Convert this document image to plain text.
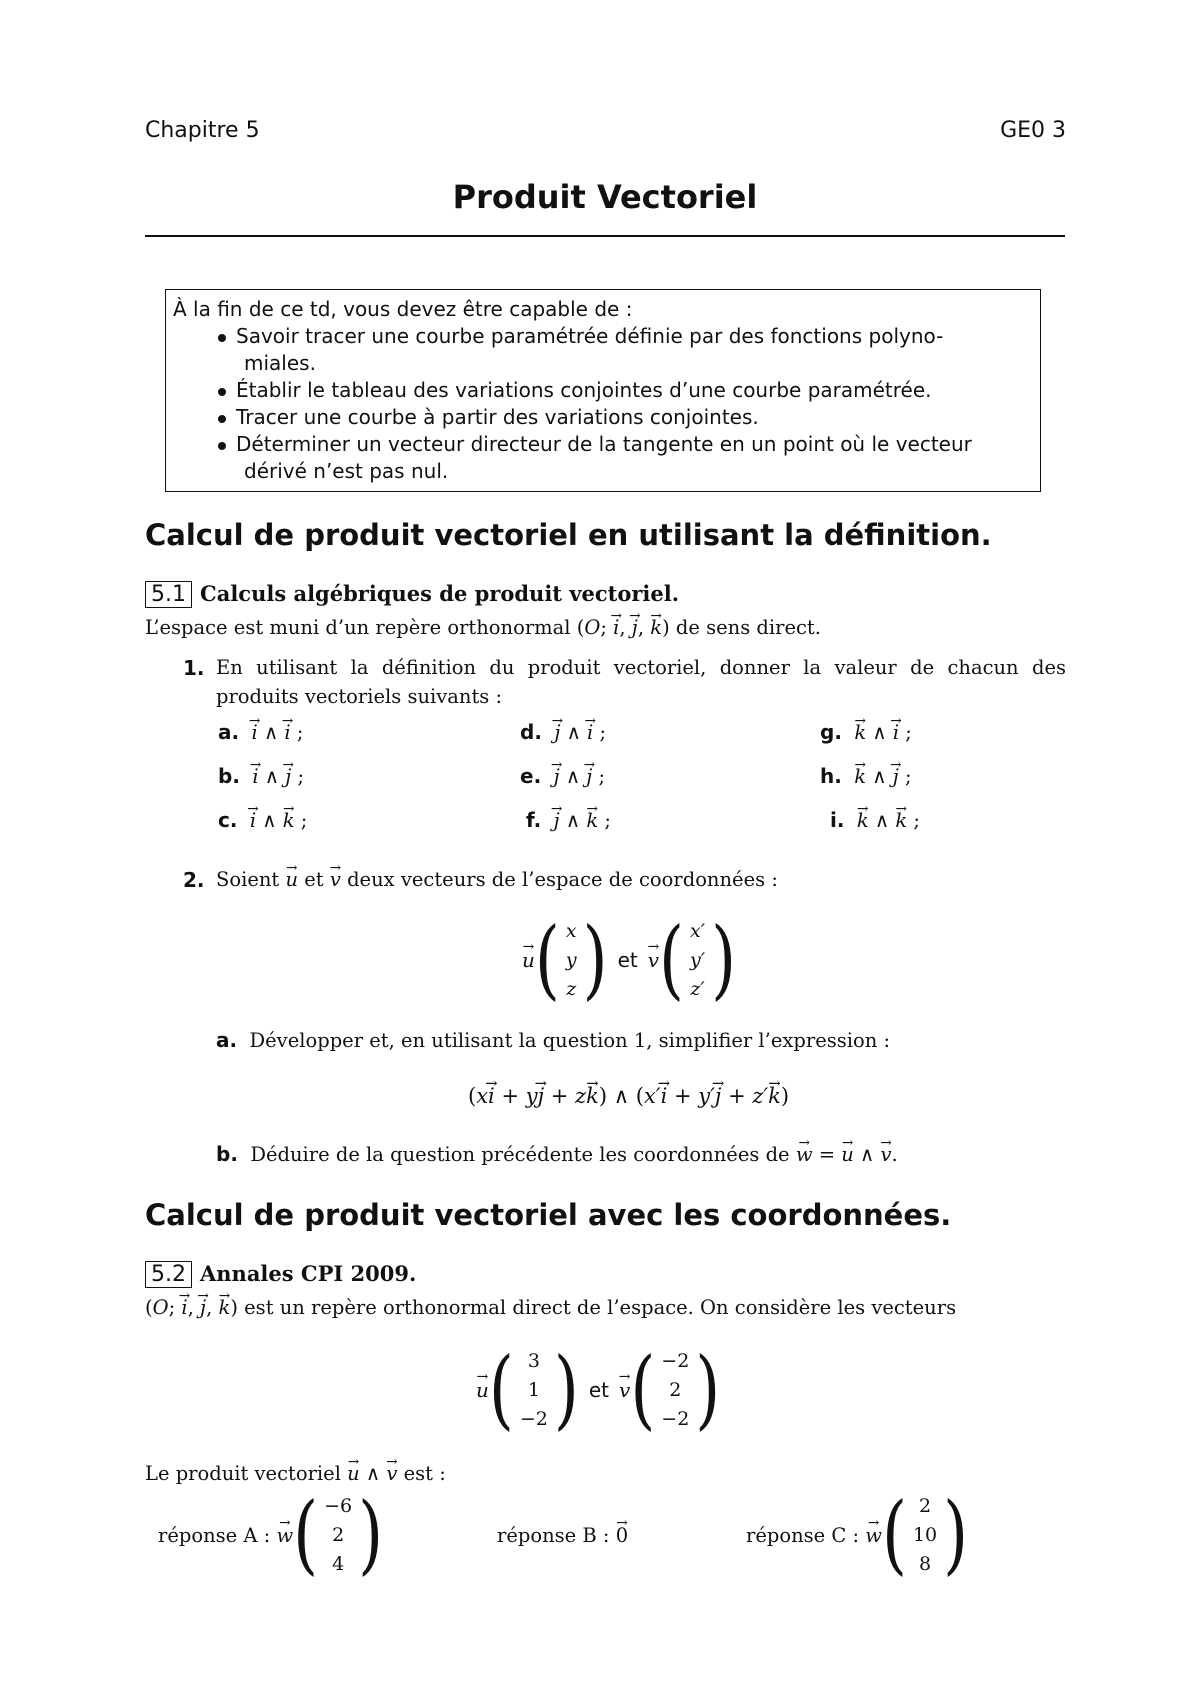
Chapitre 5	GE0 3
Produit Vectoriel
À la fin de ce td, vous devez être capable de :
Savoir tracer une courbe paramétrée définie par des fonctions polyno-
miales.
Établir le tableau des variations conjointes d’une courbe paramétrée.
Tracer une courbe à partir des variations conjointes.
Déterminer un vecteur directeur de la tangente en un point où le vecteur
dérivé n’est pas nul.
Calcul de produit vectoriel en utilisant la définition.
5.1 Calculs algébriques de produit vectoriel.
L’espace est muni d’un repère orthonormal (O; → i, → j, → k) de sens direct.
1. En utilisant la définition du produit vectoriel, donner la valeur de chacun des
produits vectoriels suivants :
a. → i ∧ → i ;
b. → i ∧ → j ;
c. → i ∧ → k ;
d. → j ∧ → i ;
e. → j ∧ → j ;
f. → j ∧ → k ;
g. → k ∧ → i ;
h. → k ∧ → j ;
i. → k ∧ → k ;
2. Soient → u et → v deux vecteurs de l’espace de coordonnées :
→ u ( x
y
z ) et → v ( x′
y′
z′ )
a. Développer et, en utilisant la question 1, simplifier l’expression :
(x→ i + y→ j + z→ k) ∧ (x′→ i + y′→ j + z′→ k)
b. Déduire de la question précédente les coordonnées de → w = → u ∧ → v.
Calcul de produit vectoriel avec les coordonnées.
5.2 Annales CPI 2009.
(O; → i, → j, → k) est un repère orthonormal direct de l’espace. On considère les vecteurs
→ u ( 3
1
−2 ) et → v ( −2
2
−2 )
Le produit vectoriel → u ∧ → v est :
réponse A :
→ w ( −6
2
4 )	réponse B :
→ 0	réponse C :
→ w ( 2
10
8 )
